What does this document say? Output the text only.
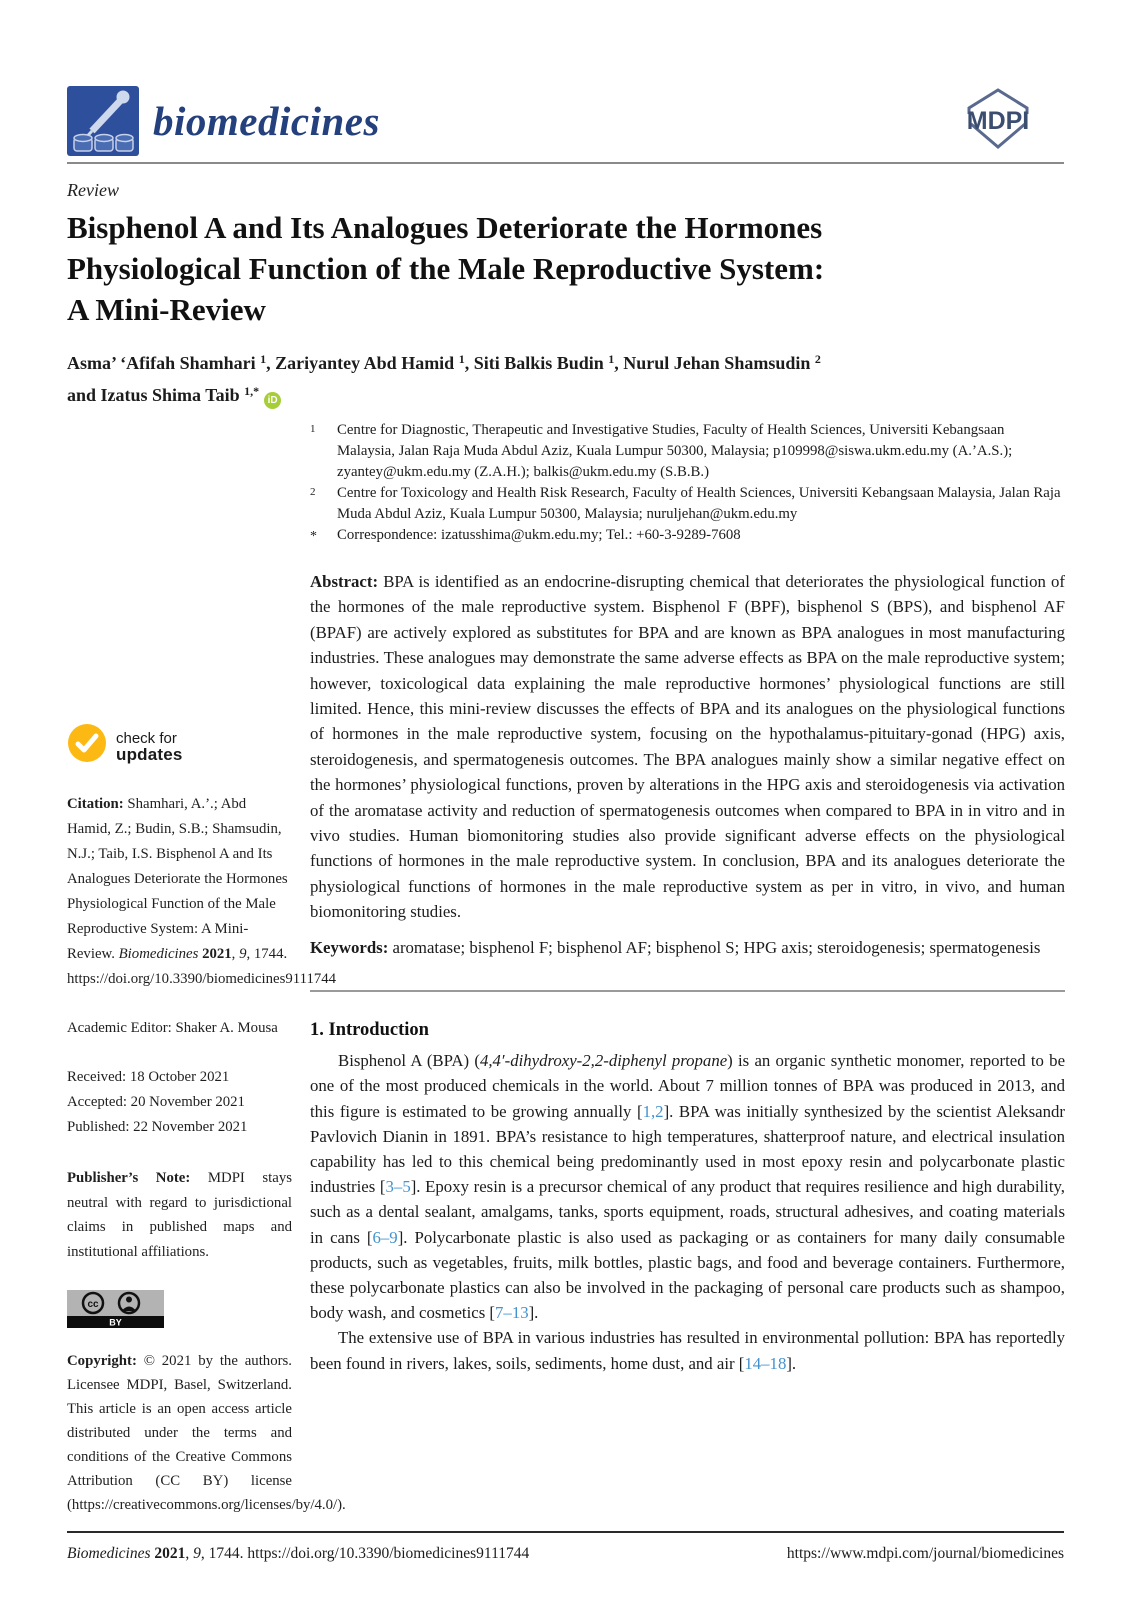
biomedicines	MDPI
Review
Bisphenol A and Its Analogues Deteriorate the Hormones
Physiological Function of the Male Reproductive System:
A Mini-Review
Asma’ ‘Afifah Shamhari $^1$, Zariyantey Abd Hamid $^1$, Siti Balkis Budin $^1$, Nurul Jehan Shamsudin $^2$
and Izatus Shima Taib $^{1,*}$iD
check for
updates
Citation: Shamhari, A.’.; Abd Hamid, Z.; Budin, S.B.; Shamsudin, N.J.; Taib, I.S. Bisphenol A and Its Analogues Deteriorate the Hormones Physiological Function of the Male Reproductive System: A Mini-Review. Biomedicines 2021, 9, 1744. https://doi.org/10.3390/biomedicines9111744
Academic Editor: Shaker A. Mousa
Received: 18 October 2021
Accepted: 20 November 2021
Published: 22 November 2021
Publisher’s Note: MDPI stays neutral with regard to jurisdictional claims in published maps and institutional affiliations.
cc
BY
Copyright: © 2021 by the authors. Licensee MDPI, Basel, Switzerland. This article is an open access article distributed under the terms and conditions of the Creative Commons Attribution (CC BY) license (https://creativecommons.org/licenses/by/4.0/).
1	Centre for Diagnostic, Therapeutic and Investigative Studies, Faculty of Health Sciences, Universiti Kebangsaan Malaysia, Jalan Raja Muda Abdul Aziz, Kuala Lumpur 50300, Malaysia; p109998@siswa.ukm.edu.my (A.’A.S.); zyantey@ukm.edu.my (Z.A.H.); balkis@ukm.edu.my (S.B.B.)
2	Centre for Toxicology and Health Risk Research, Faculty of Health Sciences, Universiti Kebangsaan Malaysia, Jalan Raja Muda Abdul Aziz, Kuala Lumpur 50300, Malaysia; nuruljehan@ukm.edu.my
*	Correspondence: izatusshima@ukm.edu.my; Tel.: +60-3-9289-7608

Abstract: BPA is identified as an endocrine-disrupting chemical that deteriorates the physiological function of the hormones of the male reproductive system. Bisphenol F (BPF), bisphenol S (BPS), and bisphenol AF (BPAF) are actively explored as substitutes for BPA and are known as BPA analogues in most manufacturing industries. These analogues may demonstrate the same adverse effects as BPA on the male reproductive system; however, toxicological data explaining the male reproductive hormones’ physiological functions are still limited. Hence, this mini-review discusses the effects of BPA and its analogues on the physiological functions of hormones in the male reproductive system, focusing on the hypothalamus-pituitary-gonad (HPG) axis, steroidogenesis, and spermatogenesis outcomes. The BPA analogues mainly show a similar negative effect on the hormones’ physiological functions, proven by alterations in the HPG axis and steroidogenesis via activation of the aromatase activity and reduction of spermatogenesis outcomes when compared to BPA in in vitro and in vivo studies. Human biomonitoring studies also provide significant adverse effects on the physiological functions of hormones in the male reproductive system. In conclusion, BPA and its analogues deteriorate the physiological functions of hormones in the male reproductive system as per in vitro, in vivo, and human biomonitoring studies.

Keywords: aromatase; bisphenol F; bisphenol AF; bisphenol S; HPG axis; steroidogenesis; spermatogenesis

1. Introduction

Bisphenol A (BPA) (4,4′-dihydroxy-2,2-diphenyl propane) is an organic synthetic monomer, reported to be one of the most produced chemicals in the world. About 7 million tonnes of BPA was produced in 2013, and this figure is estimated to be growing annually [1,2]. BPA was initially synthesized by the scientist Aleksandr Pavlovich Dianin in 1891. BPA’s resistance to high temperatures, shatterproof nature, and electrical insulation capability has led to this chemical being predominantly used in most epoxy resin and polycarbonate plastic industries [3–5]. Epoxy resin is a precursor chemical of any product that requires resilience and high durability, such as a dental sealant, amalgams, tanks, sports equipment, roads, structural adhesives, and coating materials in cans [6–9]. Polycarbonate plastic is also used as packaging or as containers for many daily consumable products, such as vegetables, fruits, milk bottles, plastic bags, and food and beverage containers. Furthermore, these polycarbonate plastics can also be involved in the packaging of personal care products such as shampoo, body wash, and cosmetics [7–13].

The extensive use of BPA in various industries has resulted in environmental pollution: BPA has reportedly been found in rivers, lakes, soils, sediments, home dust, and air [14–18].

Biomedicines 2021, 9, 1744. https://doi.org/10.3390/biomedicines9111744	https://www.mdpi.com/journal/biomedicines
